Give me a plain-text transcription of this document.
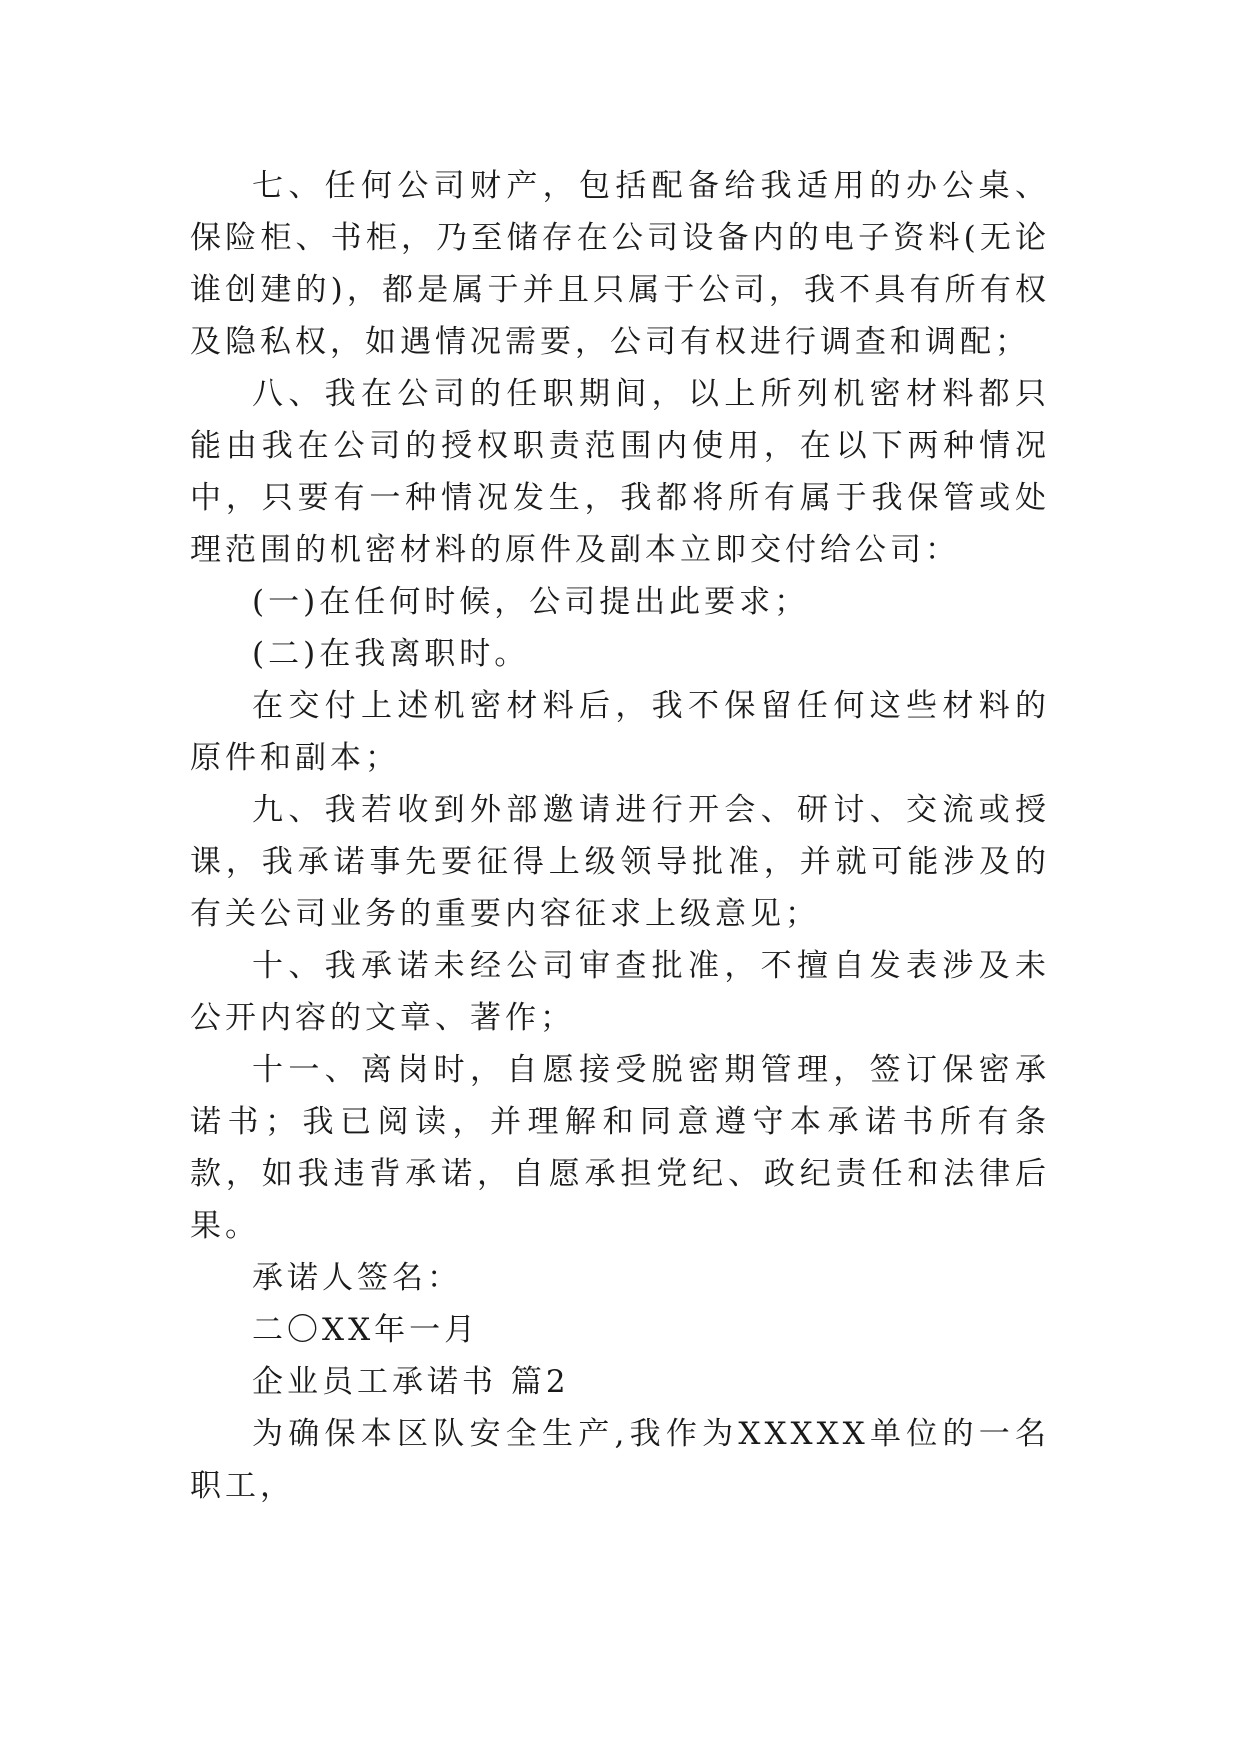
七、任何公司财产，包括配备给我适用的办公桌、保险柜、书柜，乃至储存在公司设备内的电子资料(无论谁创建的)，都是属于并且只属于公司，我不具有所有权及隐私权，如遇情况需要，公司有权进行调查和调配；

八、我在公司的任职期间，以上所列机密材料都只能由我在公司的授权职责范围内使用，在以下两种情况中，只要有一种情况发生，我都将所有属于我保管或处理范围的机密材料的原件及副本立即交付给公司：

(一)在任何时候，公司提出此要求；

(二)在我离职时。

在交付上述机密材料后，我不保留任何这些材料的原件和副本；

九、我若收到外部邀请进行开会、研讨、交流或授课，我承诺事先要征得上级领导批准，并就可能涉及的有关公司业务的重要内容征求上级意见；

十、我承诺未经公司审查批准，不擅自发表涉及未公开内容的文章、著作；

十一、离岗时，自愿接受脱密期管理，签订保密承诺书；我已阅读，并理解和同意遵守本承诺书所有条款，如我违背承诺，自愿承担党纪、政纪责任和法律后果。

承诺人签名：

二〇XX年一月

企业员工承诺书 篇2

为确保本区队安全生产,我作为XXXXX单位的一名职工，
